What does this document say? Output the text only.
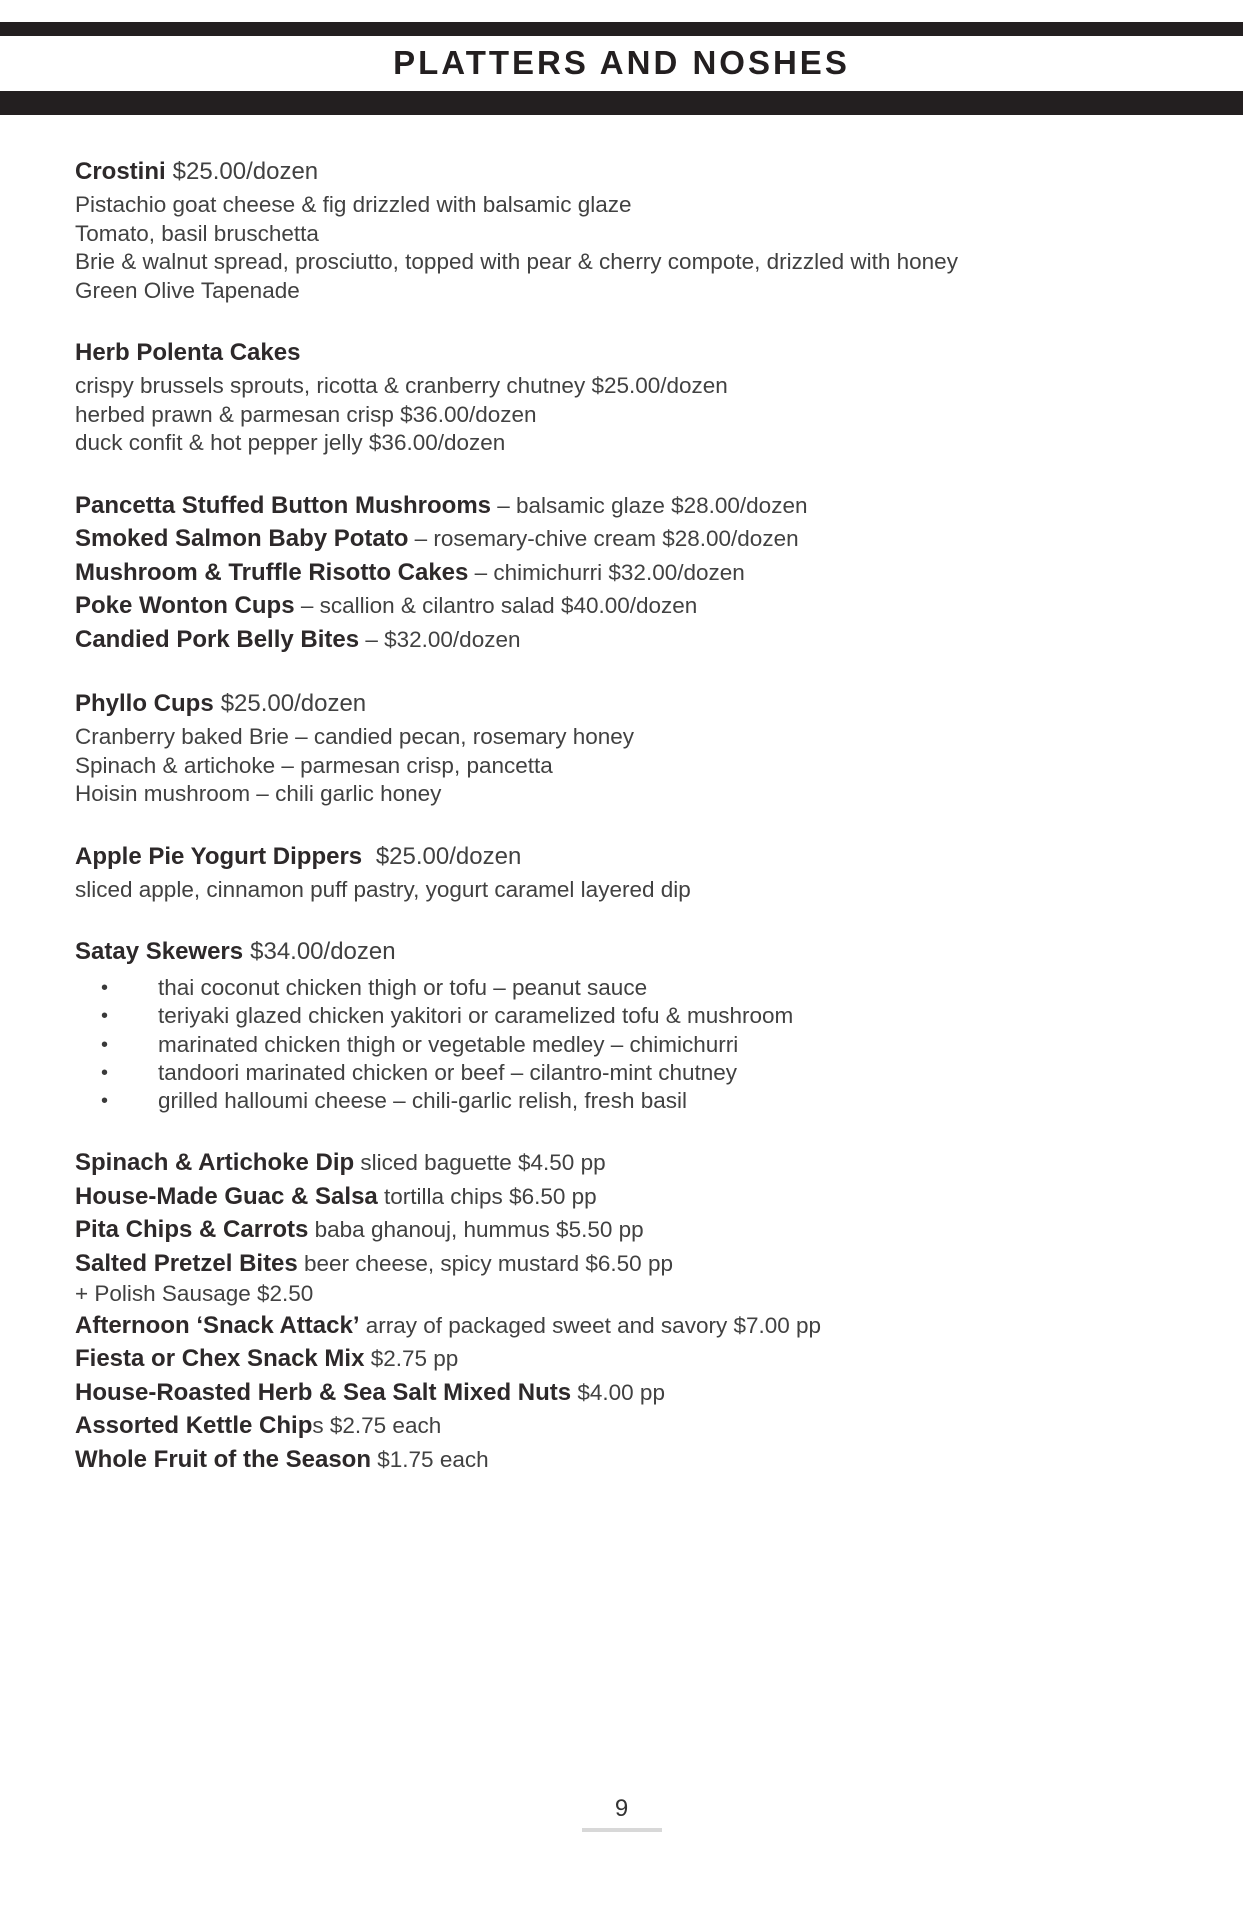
PLATTERS AND NOSHES
Crostini $25.00/dozen

Pistachio goat cheese & fig drizzled with balsamic glaze

Tomato, basil bruschetta

Brie & walnut spread, prosciutto, topped with pear & cherry compote, drizzled with honey

Green Olive Tapenade

Herb Polenta Cakes

crispy brussels sprouts, ricotta & cranberry chutney $25.00/dozen

herbed prawn & parmesan crisp $36.00/dozen

duck confit & hot pepper jelly $36.00/dozen

Pancetta Stuffed Button Mushrooms – balsamic glaze $28.00/dozen

Smoked Salmon Baby Potato – rosemary-chive cream $28.00/dozen

Mushroom & Truffle Risotto Cakes – chimichurri $32.00/dozen

Poke Wonton Cups – scallion & cilantro salad $40.00/dozen

Candied Pork Belly Bites – $32.00/dozen

Phyllo Cups $25.00/dozen

Cranberry baked Brie – candied pecan, rosemary honey

Spinach & artichoke – parmesan crisp, pancetta

Hoisin mushroom – chili garlic honey

Apple Pie Yogurt Dippers $25.00/dozen

sliced apple, cinnamon puff pastry, yogurt caramel layered dip

Satay Skewers $34.00/dozen
•	thai coconut chicken thigh or tofu – peanut sauce
•	teriyaki glazed chicken yakitori or caramelized tofu & mushroom
•	marinated chicken thigh or vegetable medley – chimichurri
•	tandoori marinated chicken or beef – cilantro-mint chutney
•	grilled halloumi cheese – chili-garlic relish, fresh basil

Spinach & Artichoke Dip sliced baguette $4.50 pp

House-Made Guac & Salsa tortilla chips $6.50 pp

Pita Chips & Carrots baba ghanouj, hummus $5.50 pp

Salted Pretzel Bites beer cheese, spicy mustard $6.50 pp

+ Polish Sausage $2.50

Afternoon ‘Snack Attack’ array of packaged sweet and savory $7.00 pp

Fiesta or Chex Snack Mix $2.75 pp

House-Roasted Herb & Sea Salt Mixed Nuts $4.00 pp

Assorted Kettle Chips $2.75 each

Whole Fruit of the Season $1.75 each

9
